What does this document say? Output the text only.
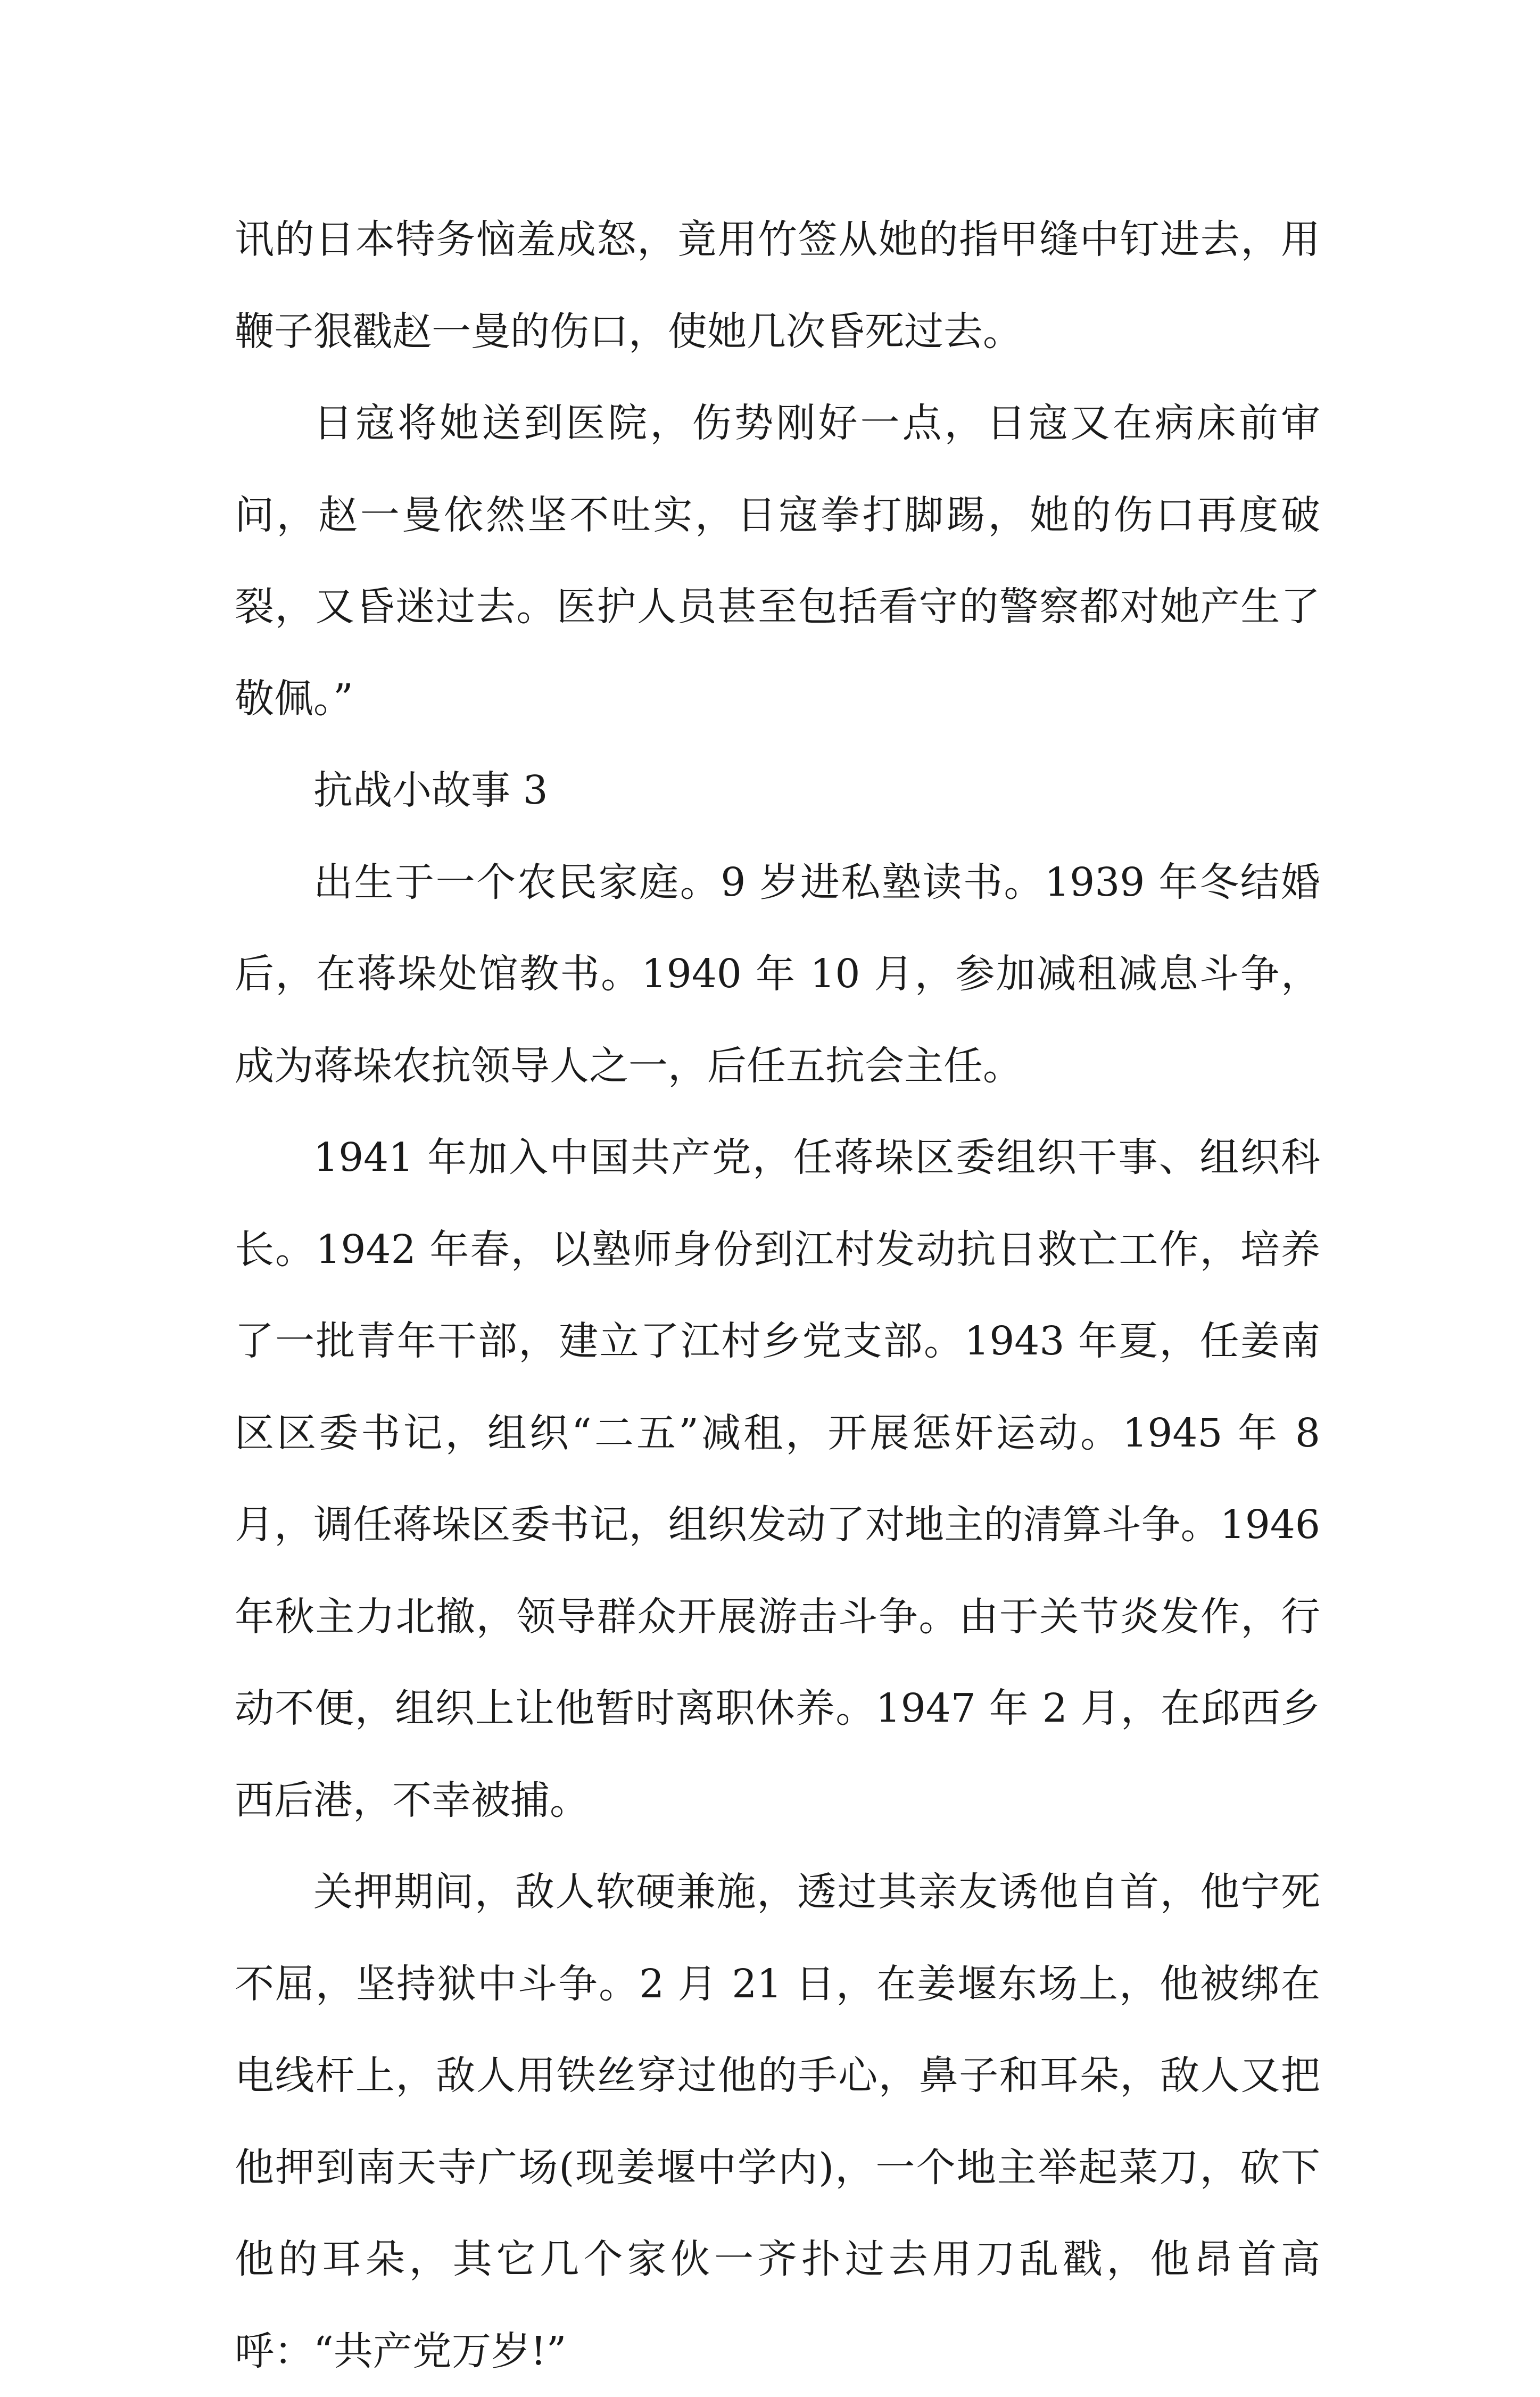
讯的日本特务恼羞成怒，竟用竹签从她的指甲缝中钉进去，用鞭子狠戳赵一曼的伤口，使她几次昏死过去。

日寇将她送到医院，伤势刚好一点，日寇又在病床前审问，赵一曼依然坚不吐实，日寇拳打脚踢，她的伤口再度破裂，又昏迷过去。医护人员甚至包括看守的警察都对她产生了敬佩。”

抗战小故事 3

出生于一个农民家庭。9 岁进私塾读书。1939 年冬结婚后，在蒋垛处馆教书。1940 年 10 月，参加减租减息斗争，成为蒋垛农抗领导人之一，后任五抗会主任。

1941 年加入中国共产党，任蒋垛区委组织干事、组织科长。1942 年春，以塾师身份到江村发动抗日救亡工作，培养了一批青年干部，建立了江村乡党支部。1943 年夏，任姜南区区委书记，组织“二五”减租，开展惩奸运动。1945 年 8 月，调任蒋垛区委书记，组织发动了对地主的清算斗争。1946 年秋主力北撤，领导群众开展游击斗争。由于关节炎发作，行动不便，组织上让他暂时离职休养。1947 年 2 月，在邱西乡西后港，不幸被捕。

关押期间，敌人软硬兼施，透过其亲友诱他自首，他宁死不屈，坚持狱中斗争。2 月 21 日，在姜堰东场上，他被绑在电线杆上，敌人用铁丝穿过他的手心，鼻子和耳朵，敌人又把他押到南天寺广场(现姜堰中学内)，一个地主举起菜刀，砍下他的耳朵，其它几个家伙一齐扑过去用刀乱戳，他昂首高呼：“共产党万岁!”
